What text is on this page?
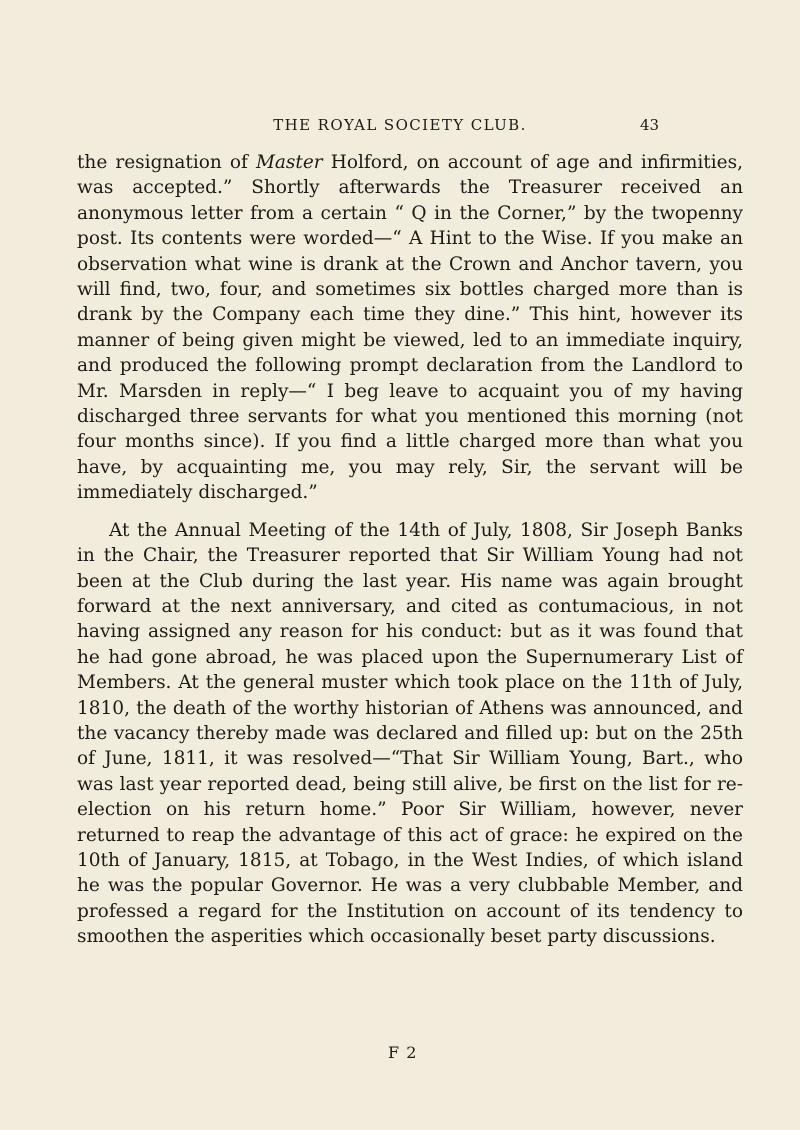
THE ROYAL SOCIETY CLUB.	43

the resignation of Master Holford, on account of age and infirmities, was accepted.” Shortly afterwards the Treasurer received an anonymous letter from a certain “ Q in the Corner,” by the twopenny post. Its contents were worded—“ A Hint to the Wise. If you make an observation what wine is drank at the Crown and Anchor tavern, you will find, two, four, and sometimes six bottles charged more than is drank by the Company each time they dine.” This hint, however its manner of being given might be viewed, led to an immediate inquiry, and produced the following prompt declaration from the Landlord to Mr. Marsden in reply—“ I beg leave to acquaint you of my having discharged three servants for what you mentioned this morning (not four months since). If you find a little charged more than what you have, by acquainting me, you may rely, Sir, the servant will be immediately discharged.”

At the Annual Meeting of the 14th of July, 1808, Sir Joseph Banks in the Chair, the Treasurer reported that Sir William Young had not been at the Club during the last year. His name was again brought forward at the next anniversary, and cited as contumacious, in not having assigned any reason for his conduct: but as it was found that he had gone abroad, he was placed upon the Supernumerary List of Members. At the general muster which took place on the 11th of July, 1810, the death of the worthy historian of Athens was announced, and the vacancy thereby made was declared and filled up: but on the 25th of June, 1811, it was resolved—“That Sir William Young, Bart., who was last year reported dead, being still alive, be first on the list for re-election on his return home.” Poor Sir William, however, never returned to reap the advantage of this act of grace: he expired on the 10th of January, 1815, at Tobago, in the West Indies, of which island he was the popular Governor. He was a very clubbable Member, and professed a regard for the Institution on account of its tendency to smoothen the asperities which occasionally beset party discussions.

F 2
